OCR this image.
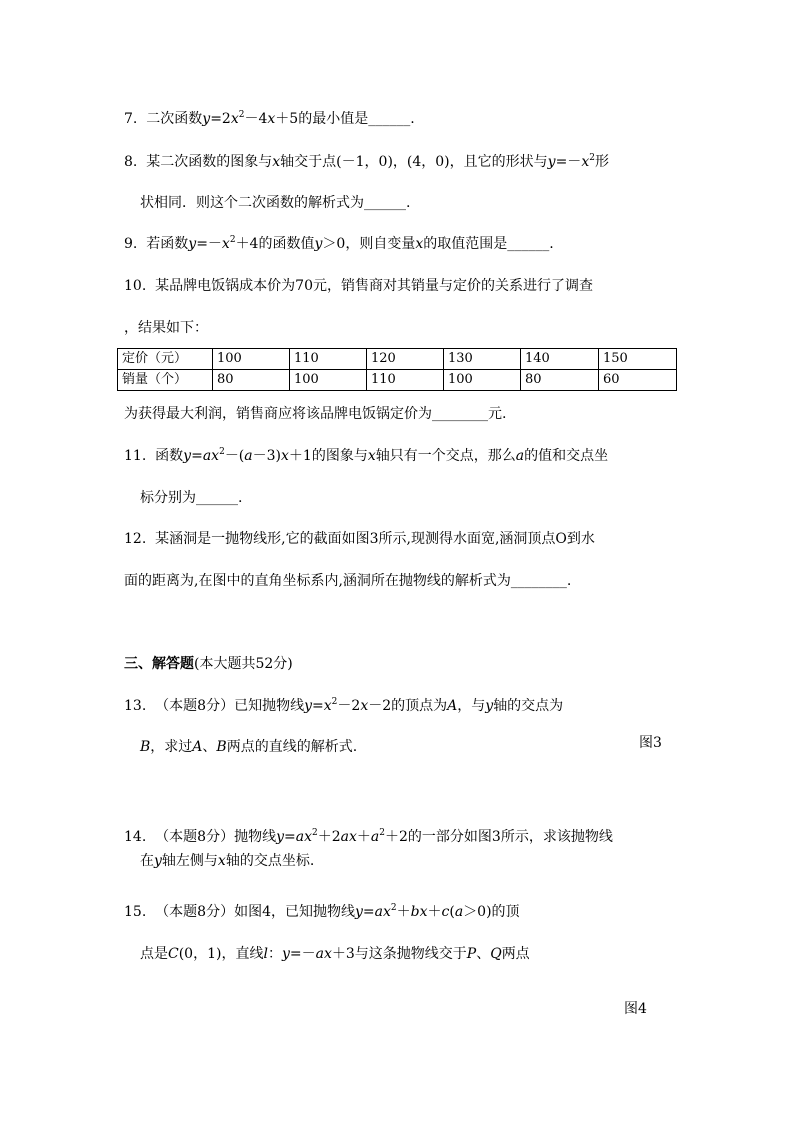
7. 二次函数$y=2x^2-4x+5$的最小值是______.
8. 某二次函数的图象与x轴交于点(－1，0)，(4，0)，且它的形状与$y=-x^2$形
状相同．则这个二次函数的解析式为______.
9. 若函数$y=-x^2+4$的函数值y＞0，则自变量x的取值范围是______.
10. 某品牌电饭锅成本价为70元，销售商对其销量与定价的关系进行了调查
，结果如下：
定价（元）	100	110	120	130	140	150
销量（个）	80	100	110	100	80	60
为获得最大利润，销售商应将该品牌电饭锅定价为________元.
11. 函数$y=ax^2-(a-3)x+1$的图象与x轴只有一个交点，那么a的值和交点坐
标分别为______.
12. 某涵洞是一抛物线形,它的截面如图3所示,现测得水面宽,涵洞顶点O到水
面的距离为,在图中的直角坐标系内,涵洞所在抛物线的解析式为________.
三、解答题(本大题共52分)
13. （本题8分）已知抛物线$y=x^2-2x-2$的顶点为A，与y轴的交点为
B，求过A、B两点的直线的解析式.	图3
14. （本题8分）抛物线$y=ax^2+2ax+a^2+2$的一部分如图3所示，求该抛物线
在y轴左侧与x轴的交点坐标.
15. （本题8分）如图4，已知抛物线$y=ax^2+bx+c(a>0)$的顶
点是C(0，1)，直线l：y=－ax＋3与这条抛物线交于P、Q两点
图4
